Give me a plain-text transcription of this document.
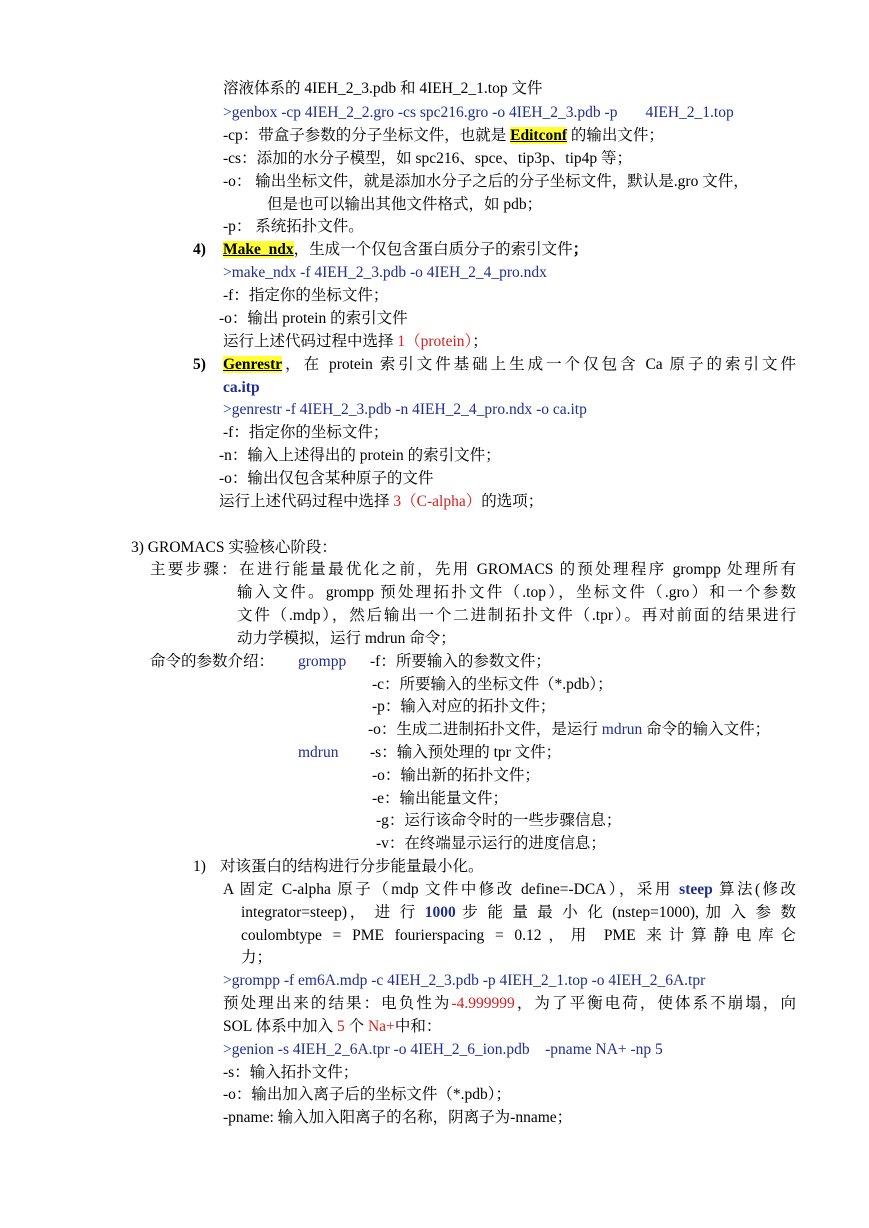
溶液体系的 4IEH_2_3.pdb 和 4IEH_2_1.top 文件
>genbox -cp 4IEH_2_2.gro -cs spc216.gro -o 4IEH_2_3.pdb -p 4IEH_2_1.top
-cp：带盒子参数的分子坐标文件，也就是 Editconf 的输出文件；
-cs：添加的水分子模型，如 spc216、spce、tip3p、tip4p 等；
-o： 输出坐标文件，就是添加水分子之后的分子坐标文件，默认是.gro 文件，
但是也可以输出其他文件格式，如 pdb；
-p： 系统拓扑文件。
4) Make_ndx，生成一个仅包含蛋白质分子的索引文件；
>make_ndx -f 4IEH_2_3.pdb -o 4IEH_2_4_pro.ndx
-f：指定你的坐标文件；
-o：输出 protein 的索引文件
运行上述代码过程中选择 1（protein）；
5) Genrestr，在 protein 索引文件基础上生成一个仅包含 Ca 原子的索引文件
ca.itp
>genrestr -f 4IEH_2_3.pdb -n 4IEH_2_4_pro.ndx -o ca.itp
-f：指定你的坐标文件；
-n：输入上述得出的 protein 的索引文件；
-o：输出仅包含某种原子的文件
运行上述代码过程中选择 3（C-alpha）的选项；
3) GROMACS 实验核心阶段：
主要步骤：在进行能量最优化之前，先用 GROMACS 的预处理程序 grompp 处理所有
输入文件。grompp 预处理拓扑文件（.top），坐标文件（.gro）和一个参数
文件（.mdp），然后输出一个二进制拓扑文件（.tpr）。再对前面的结果进行
动力学模拟，运行 mdrun 命令；
命令的参数介绍： grompp -f：所要输入的参数文件；
-c：所要输入的坐标文件（*.pdb）；
-p：输入对应的拓扑文件；
-o：生成二进制拓扑文件，是运行 mdrun 命令的输入文件；
mdrun -s：输入预处理的 tpr 文件；
-o：输出新的拓扑文件；
-e：输出能量文件；
-g：运行该命令时的一些步骤信息；
-v：在终端显示运行的进度信息；
1) 对该蛋白的结构进行分步能量最小化。
A 固定 C-alpha 原子（mdp 文件中修改 define=-DCA），采用 steep 算法(修改
integrator=steep)， 进 行 1000 步 能 量 最 小 化 (nstep=1000), 加 入 参 数
coulombtype = PME fourierspacing = 0.12，用 PME 来计算静电库仑
力；
>grompp -f em6A.mdp -c 4IEH_2_3.pdb -p 4IEH_2_1.top -o 4IEH_2_6A.tpr
预处理出来的结果：电负性为-4.999999，为了平衡电荷，使体系不崩塌，向
SOL 体系中加入 5 个 Na+中和：
>genion -s 4IEH_2_6A.tpr -o 4IEH_2_6_ion.pdb    -pname NA+ -np 5
-s：输入拓扑文件；
-o：输出加入离子后的坐标文件（*.pdb）；
-pname: 输入加入阳离子的名称，阴离子为-nname；
